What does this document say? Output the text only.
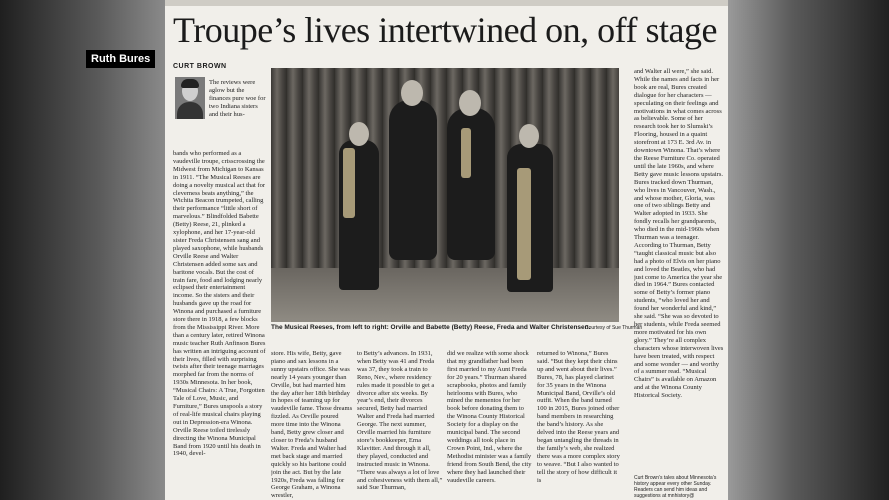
Ruth Bures
Troupe’s lives intertwined on, off stage
CURT BROWN

The reviews were aglow but the finances pure woe for two Indiana sisters and their hus-

bands who performed as a vaudeville troupe, crisscrossing the Midwest from Michigan to Kansas in 1911. “The Musical Reeses are doing a novelty musical act that for cleverness beats anything,” the Wichita Beacon trumpeted, calling their performance “little short of marvelous.” Blindfolded Babette (Betty) Reese, 21, plinked a xylophone, and her 17-year-old sister Freda Christensen sang and played saxophone, while husbands Orville Reese and Walter Christensen added some sax and baritone vocals. But the cost of train fare, food and lodging nearly eclipsed their entertainment income. So the sisters and their husbands gave up the road for Winona and purchased a furniture store there in 1918, a few blocks from the Mississippi River. More than a century later, retired Winona music teacher Ruth Anfinson Bures has written an intriguing account of their lives, filled with surprising twists after their teenage marriages morphed far from the norms of 1930s Minnesota. In her book, “Musical Chairs: A True, Forgotten Tale of Love, Music, and Furniture,” Bures unspools a story of real-life musical chairs playing out in Depression-era Winona. Orville Reese toiled tirelessly directing the Winona Municipal Band from 1920 until his death in 1940, devel-

The Musical Reeses, from left to right: Orville and Babette (Betty) Reese, Freda and Walter Christensen.
Courtesy of Sue Thurman

store. His wife, Betty, gave piano and sax lessons in a sunny upstairs office. She was nearly 14 years younger than Orville, but had married him the day after her 18th birthday in hopes of teaming up for vaudeville fame. Those dreams fizzled. As Orville poured more time into the Winona band, Betty grew closer and closer to Freda’s husband Walter. Freda and Walter had met back stage and married quickly so his baritone could join the act. But by the late 1920s, Freda was falling for George Graham, a Winona wrestler,

to Betty’s advances. In 1931, when Betty was 41 and Freda was 37, they took a train to Reno, Nev., where residency rules made it possible to get a divorce after six weeks. By year’s end, their divorces secured, Betty had married Walter and Freda had married George. The next summer, Orville married his furniture store’s bookkeeper, Erna Klavitter. And through it all, they played, conducted and instructed music in Winona. “There was always a lot of love and cohesiveness with them all,” said Sue Thurman,

did we realize with some shock that my grandfather had been first married to my Aunt Freda for 20 years.” Thurman shared scrapbooks, photos and family heirlooms with Bures, who mined the mementos for her book before donating them to the Winona County Historical Society for a display on the municipal band. The second weddings all took place in Crown Point, Ind., where the Methodist minister was a family friend from South Bend, the city where they had launched their vaudeville careers.

returned to Winona,” Bures said. “But they kept their chins up and went about their lives.” Bures, 78, has played clarinet for 35 years in the Winona Municipal Band, Orville’s old outfit. When the band turned 100 in 2015, Bures joined other band members in researching the band’s history. As she delved into the Reese years and began untangling the threads in the family’s web, she realized there was a more complex story to weave. “But I also wanted to tell the story of how difficult it is

and Walter all were,” she said. While the names and facts in her book are real, Bures created dialogue for her characters — speculating on their feelings and motivations in what comes across as believable. Some of her research took her to Slumski’s Flooring, housed in a quaint storefront at 173 E. 3rd Av. in downtown Winona. That’s where the Reese Furniture Co. operated until the late 1960s, and where Betty gave music lessons upstairs. Bures tracked down Thurman, who lives in Vancouver, Wash., and whose mother, Gloria, was one of two siblings Betty and Walter adopted in 1933. She fondly recalls her grandparents, who died in the mid-1960s when Thurman was a teenager. According to Thurman, Betty “taught classical music but also had a photo of Elvis on her piano and loved the Beatles, who had just come to America the year she died in 1964.” Bures contacted some of Betty’s former piano students, “who loved her and found her wonderful and kind,” she said. “She was so devoted to her students, while Freda seemed more motivated for his own glory.” They’re all complex characters whose interwoven lives have been treated, with respect and some wonder — and worthy of a summer read. “Musical Chairs” is available on Amazon and at the Winona County Historical Society.

Curt Brown’s tales about Minnesota’s history appear every other Sunday. Readers can send him ideas and suggestions at mnhistory@
